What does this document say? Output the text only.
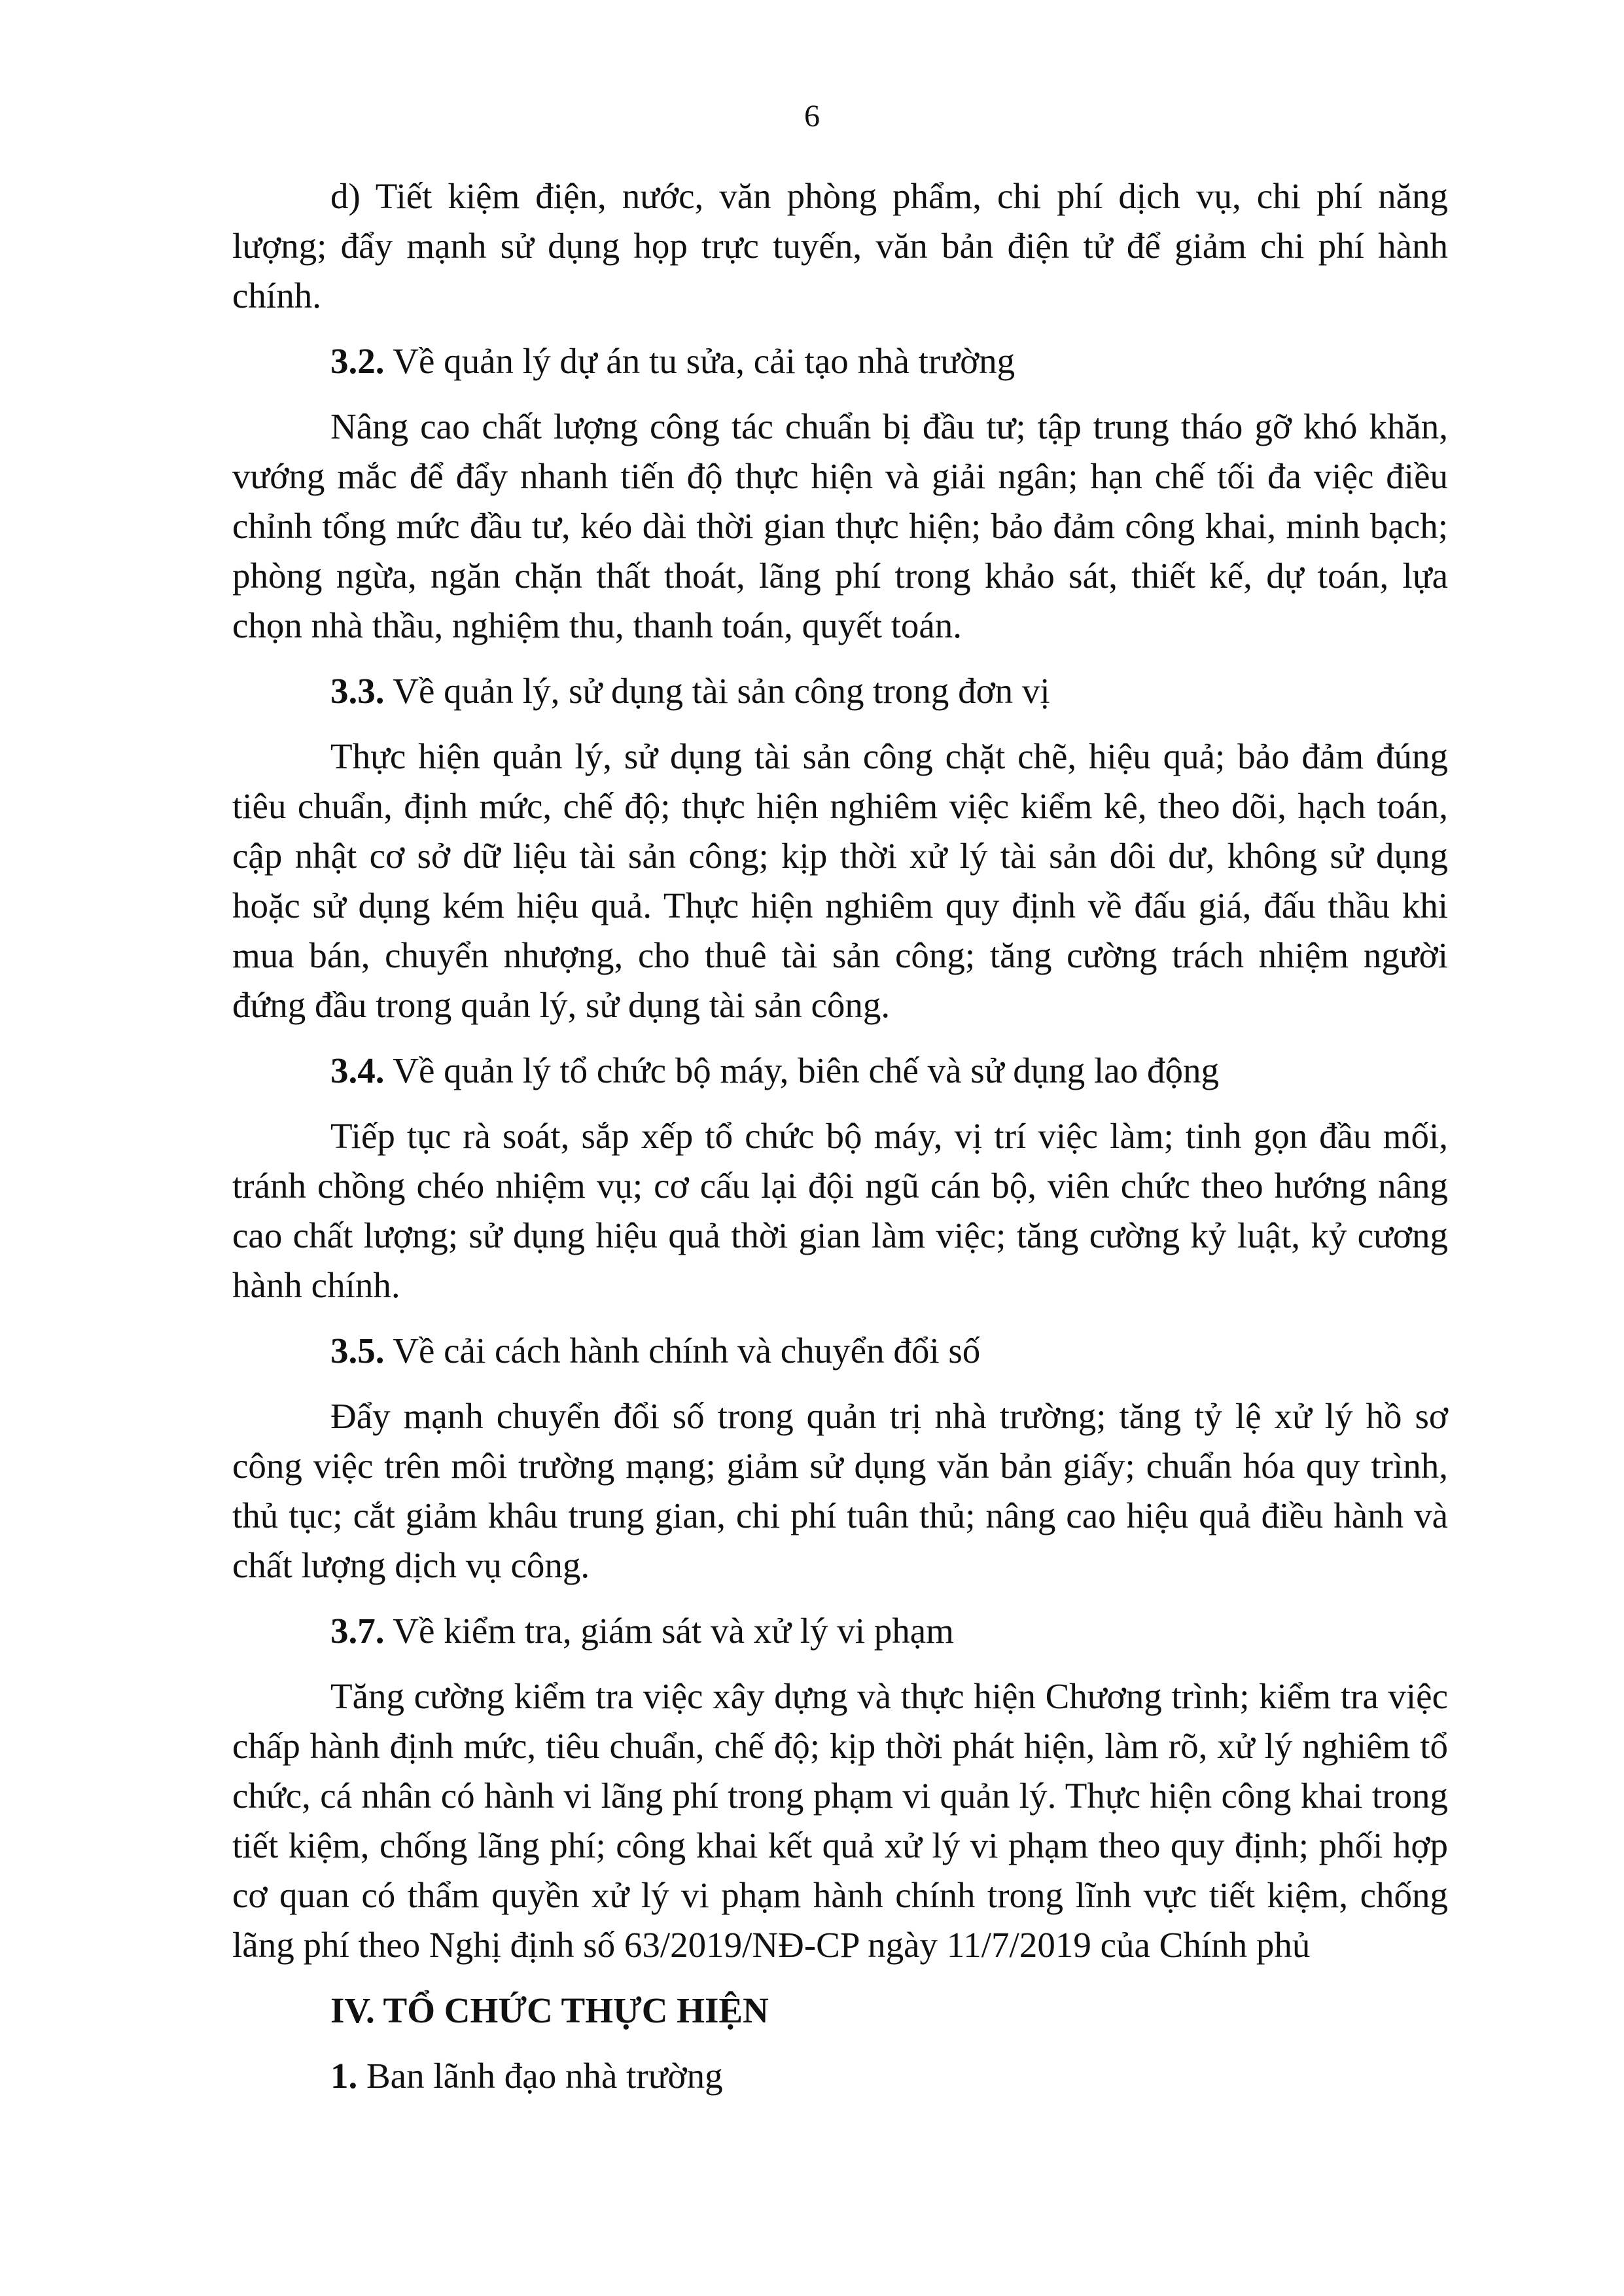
6

d) Tiết kiệm điện, nước, văn phòng phẩm, chi phí dịch vụ, chi phí năng lượng; đẩy mạnh sử dụng họp trực tuyến, văn bản điện tử để giảm chi phí hành chính.

3.2. Về quản lý dự án tu sửa, cải tạo nhà trường

Nâng cao chất lượng công tác chuẩn bị đầu tư; tập trung tháo gỡ khó khăn, vướng mắc để đẩy nhanh tiến độ thực hiện và giải ngân; hạn chế tối đa việc điều chỉnh tổng mức đầu tư, kéo dài thời gian thực hiện; bảo đảm công khai, minh bạch; phòng ngừa, ngăn chặn thất thoát, lãng phí trong khảo sát, thiết kế, dự toán, lựa chọn nhà thầu, nghiệm thu, thanh toán, quyết toán.

3.3. Về quản lý, sử dụng tài sản công trong đơn vị

Thực hiện quản lý, sử dụng tài sản công chặt chẽ, hiệu quả; bảo đảm đúng tiêu chuẩn, định mức, chế độ; thực hiện nghiêm việc kiểm kê, theo dõi, hạch toán, cập nhật cơ sở dữ liệu tài sản công; kịp thời xử lý tài sản dôi dư, không sử dụng hoặc sử dụng kém hiệu quả. Thực hiện nghiêm quy định về đấu giá, đấu thầu khi mua bán, chuyển nhượng, cho thuê tài sản công; tăng cường trách nhiệm người đứng đầu trong quản lý, sử dụng tài sản công.

3.4. Về quản lý tổ chức bộ máy, biên chế và sử dụng lao động

Tiếp tục rà soát, sắp xếp tổ chức bộ máy, vị trí việc làm; tinh gọn đầu mối, tránh chồng chéo nhiệm vụ; cơ cấu lại đội ngũ cán bộ, viên chức theo hướng nâng cao chất lượng; sử dụng hiệu quả thời gian làm việc; tăng cường kỷ luật, kỷ cương hành chính.

3.5. Về cải cách hành chính và chuyển đổi số

Đẩy mạnh chuyển đổi số trong quản trị nhà trường; tăng tỷ lệ xử lý hồ sơ công việc trên môi trường mạng; giảm sử dụng văn bản giấy; chuẩn hóa quy trình, thủ tục; cắt giảm khâu trung gian, chi phí tuân thủ; nâng cao hiệu quả điều hành và chất lượng dịch vụ công.

3.7. Về kiểm tra, giám sát và xử lý vi phạm

Tăng cường kiểm tra việc xây dựng và thực hiện Chương trình; kiểm tra việc chấp hành định mức, tiêu chuẩn, chế độ; kịp thời phát hiện, làm rõ, xử lý nghiêm tổ chức, cá nhân có hành vi lãng phí trong phạm vi quản lý. Thực hiện công khai trong tiết kiệm, chống lãng phí; công khai kết quả xử lý vi phạm theo quy định; phối hợp cơ quan có thẩm quyền xử lý vi phạm hành chính trong lĩnh vực tiết kiệm, chống lãng phí theo Nghị định số 63/2019/NĐ-CP ngày 11/7/2019 của Chính phủ

IV. TỔ CHỨC THỰC HIỆN

1. Ban lãnh đạo nhà trường
